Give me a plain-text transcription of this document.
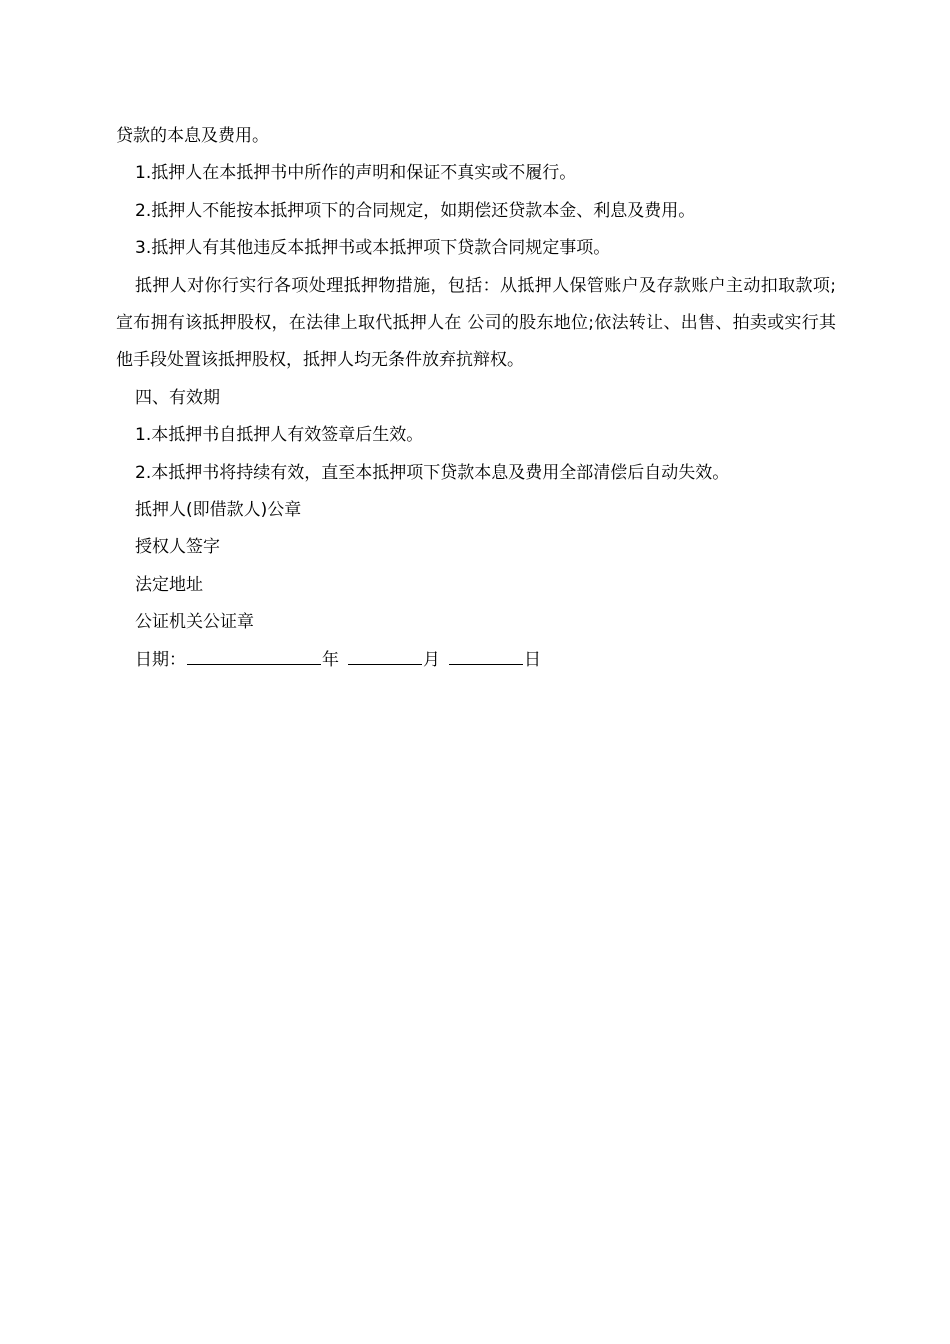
贷款的本息及费用。
1.抵押人在本抵押书中所作的声明和保证不真实或不履行。
2.抵押人不能按本抵押项下的合同规定，如期偿还贷款本金、利息及费用。
3.抵押人有其他违反本抵押书或本抵押项下贷款合同规定事项。

抵押人对你行实行各项处理抵押物措施，包括：从抵押人保管账户及存款账户主动扣取款项;宣布拥有该抵押股权，在法律上取代抵押人在 公司的股东地位;依法转让、出售、拍卖或实行其他手段处置该抵押股权，抵押人均无条件放弃抗辩权。

四、有效期
1.本抵押书自抵押人有效签章后生效。
2.本抵押书将持续有效，直至本抵押项下贷款本息及费用全部清偿后自动失效。
抵押人(即借款人)公章
授权人签字
法定地址
公证机关公证章
日期：	年	月	日
